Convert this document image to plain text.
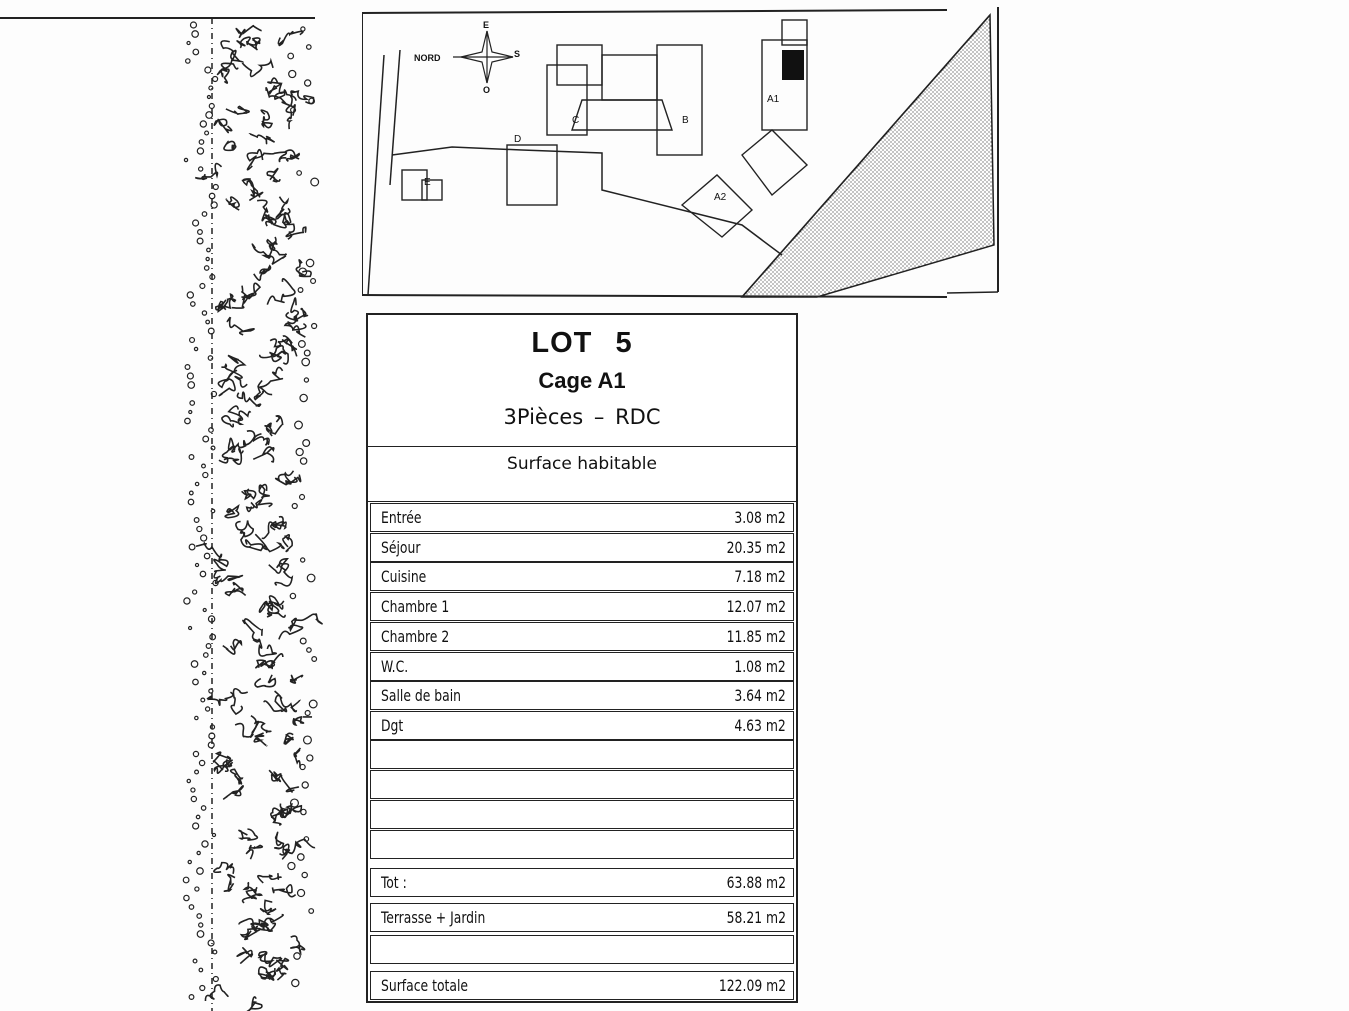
A1
A2
B
C
D
E
E
O
NORD	S
LOT 5
Cage A1
3Pièces – RDC
Surface habitable
Entrée	3.08 m2
Séjour	20.35 m2
Cuisine	7.18 m2
Chambre 1	12.07 m2
Chambre 2	11.85 m2
W.C.	1.08 m2
Salle de bain	3.64 m2
Dgt	4.63 m2
Tot :	63.88 m2
Terrasse + Jardin	58.21 m2
Surface totale	122.09 m2
